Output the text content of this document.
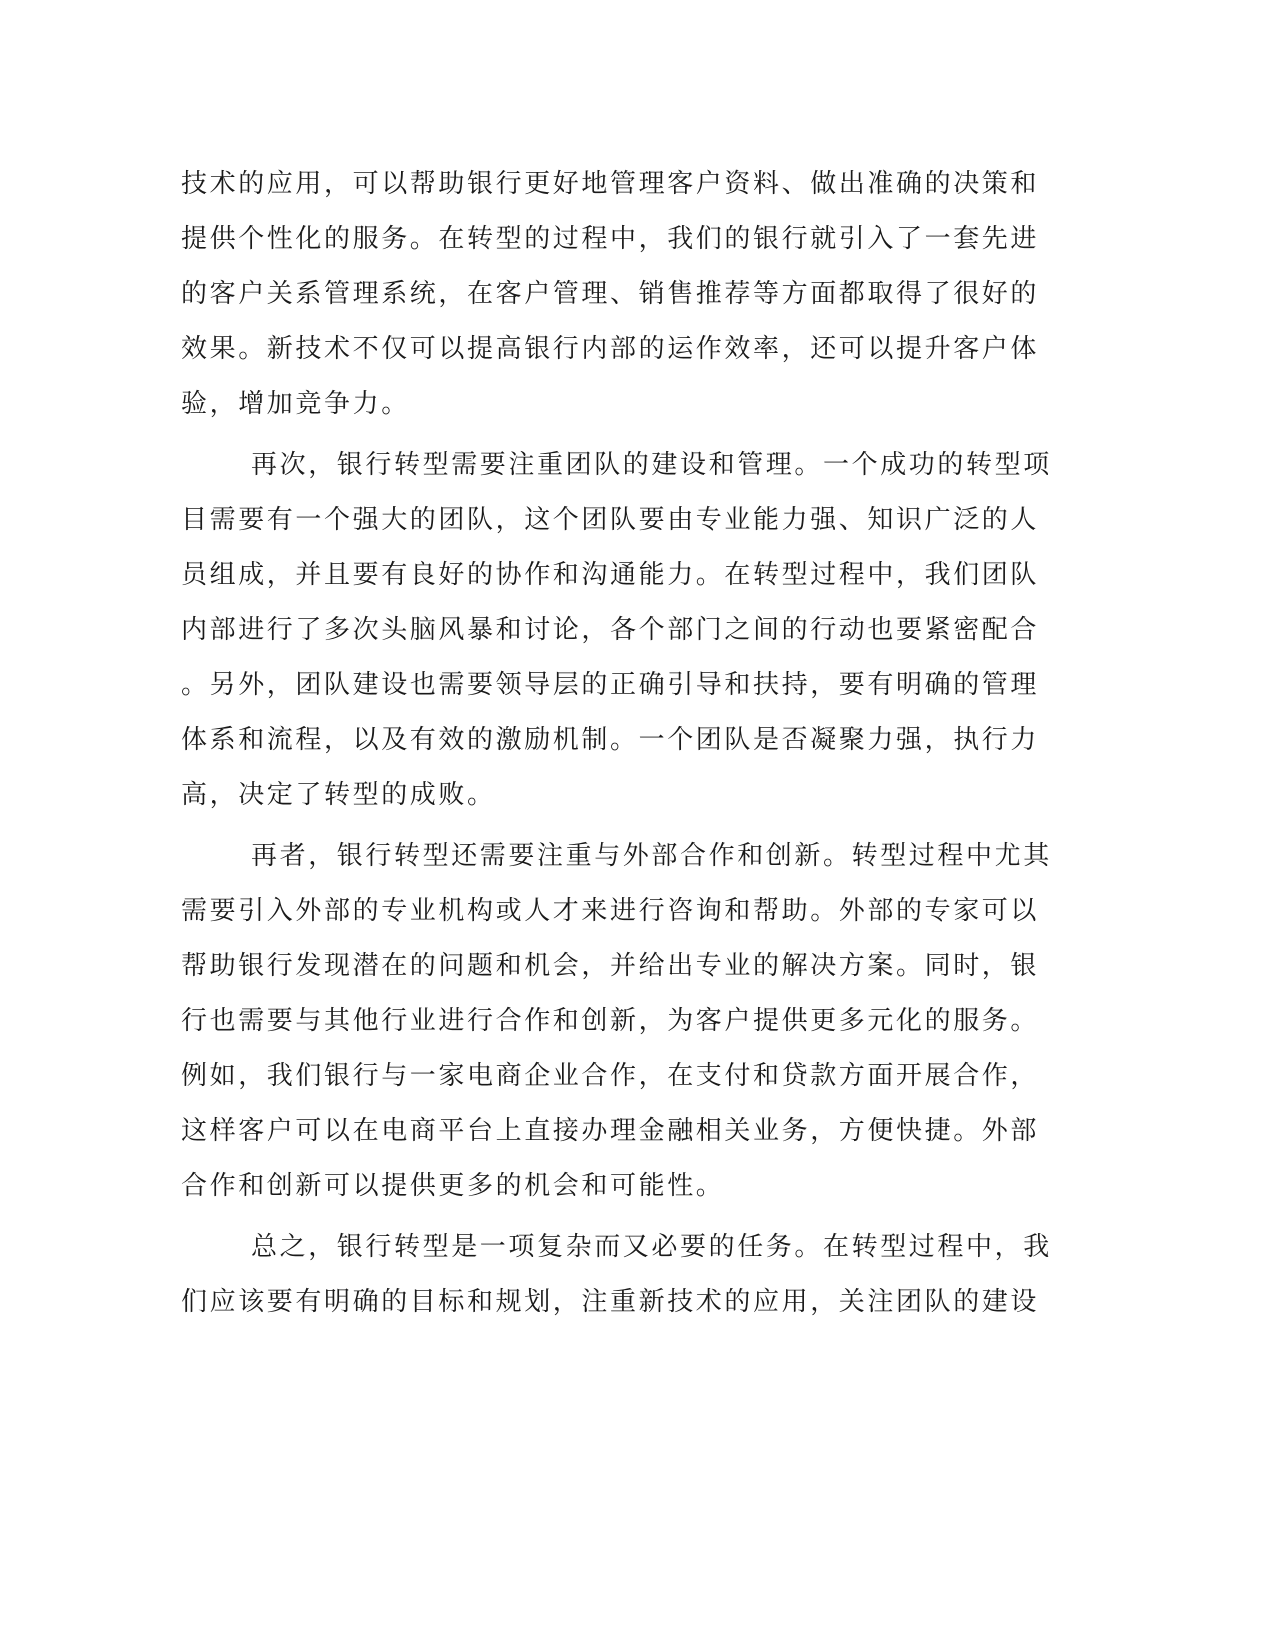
技术的应用，可以帮助银行更好地管理客户资料、做出准确的决策和
提供个性化的服务。在转型的过程中，我们的银行就引入了一套先进
的客户关系管理系统，在客户管理、销售推荐等方面都取得了很好的
效果。新技术不仅可以提高银行内部的运作效率，还可以提升客户体
验，增加竞争力。
再次，银行转型需要注重团队的建设和管理。一个成功的转型项
目需要有一个强大的团队，这个团队要由专业能力强、知识广泛的人
员组成，并且要有良好的协作和沟通能力。在转型过程中，我们团队
内部进行了多次头脑风暴和讨论，各个部门之间的行动也要紧密配合
。另外，团队建设也需要领导层的正确引导和扶持，要有明确的管理
体系和流程，以及有效的激励机制。一个团队是否凝聚力强，执行力
高，决定了转型的成败。
再者，银行转型还需要注重与外部合作和创新。转型过程中尤其
需要引入外部的专业机构或人才来进行咨询和帮助。外部的专家可以
帮助银行发现潜在的问题和机会，并给出专业的解决方案。同时，银
行也需要与其他行业进行合作和创新，为客户提供更多元化的服务。
例如，我们银行与一家电商企业合作，在支付和贷款方面开展合作，
这样客户可以在电商平台上直接办理金融相关业务，方便快捷。外部
合作和创新可以提供更多的机会和可能性。
总之，银行转型是一项复杂而又必要的任务。在转型过程中，我
们应该要有明确的目标和规划，注重新技术的应用，关注团队的建设
